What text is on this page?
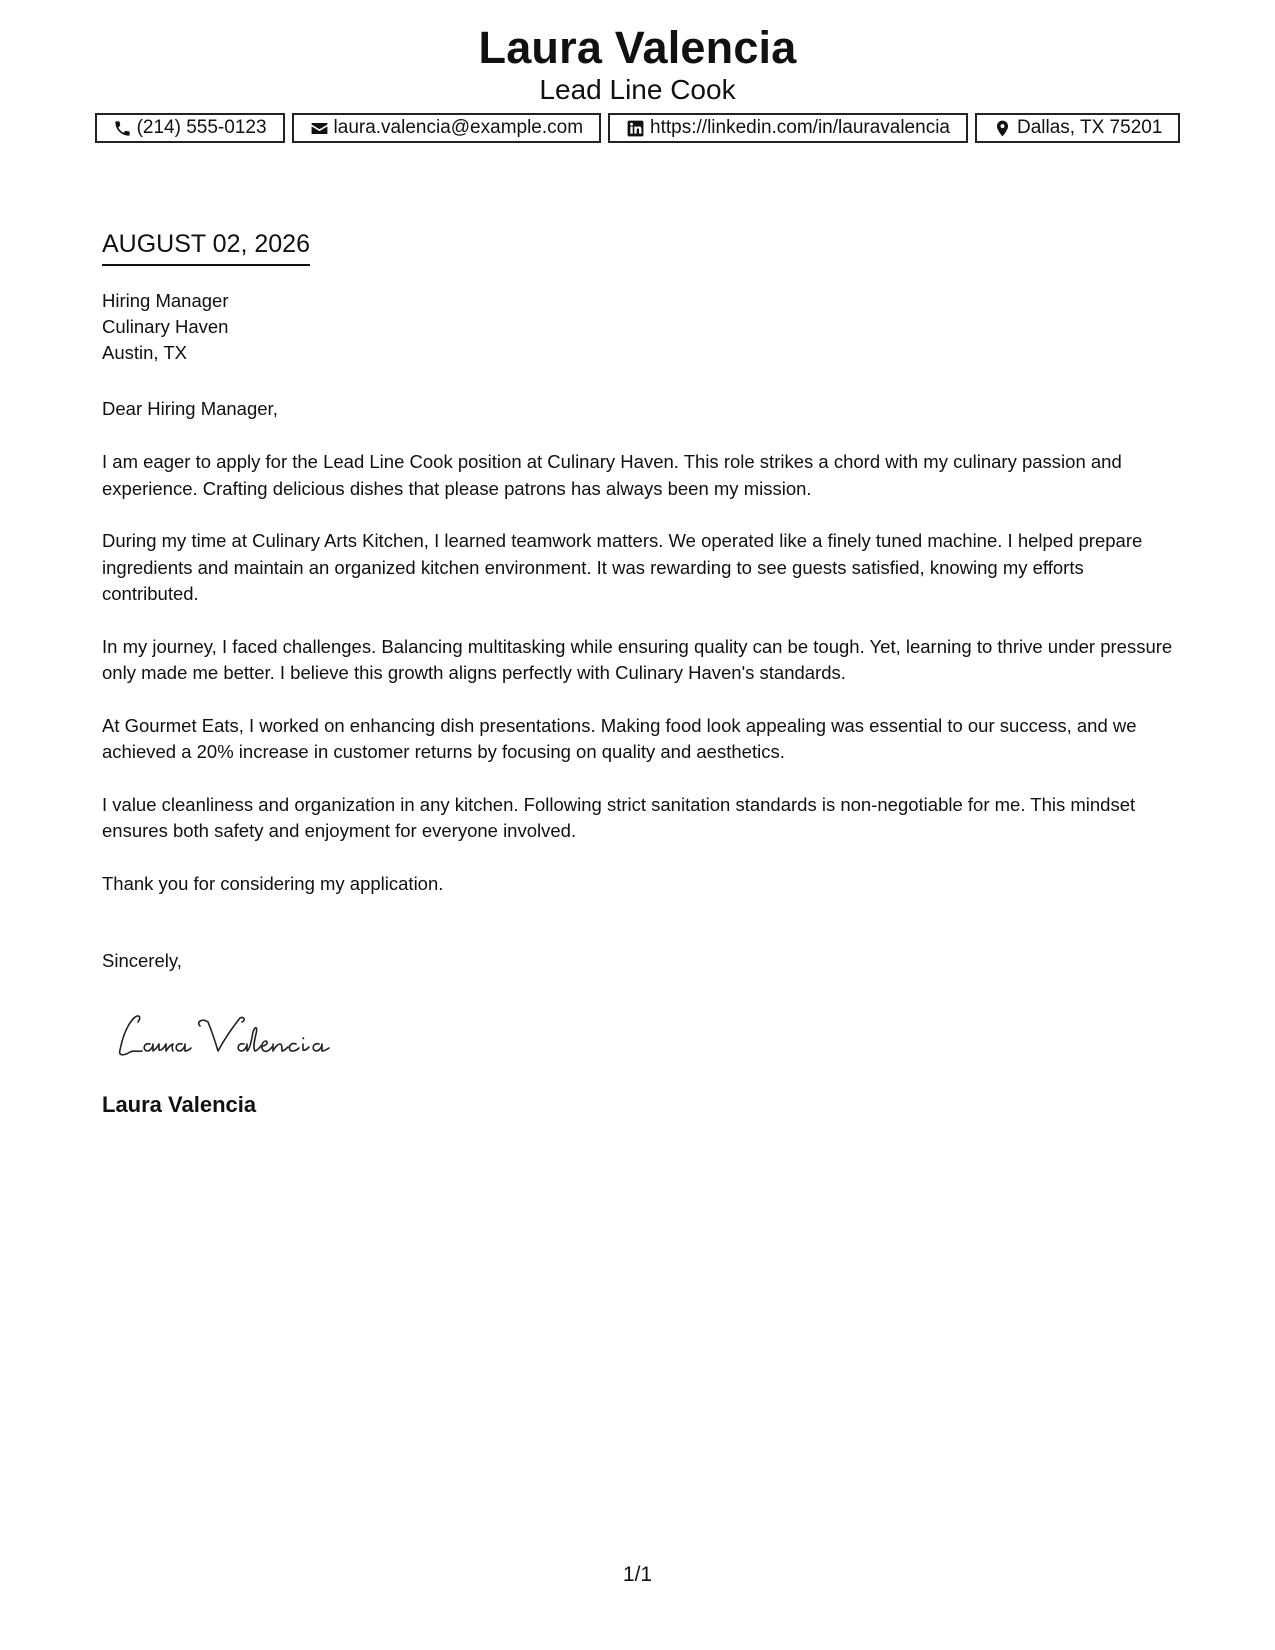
Laura Valencia
Lead Line Cook
(214) 555-0123	laura.valencia@example.com	https://linkedin.com/in/lauravalencia	Dallas, TX 75201
AUGUST 02, 2026
Hiring Manager
Culinary Haven
Austin, TX
Dear Hiring Manager,

I am eager to apply for the Lead Line Cook position at Culinary Haven. This role strikes a chord with my culinary passion and experience. Crafting delicious dishes that please patrons has always been my mission.

During my time at Culinary Arts Kitchen, I learned teamwork matters. We operated like a finely tuned machine. I helped prepare ingredients and maintain an organized kitchen environment. It was rewarding to see guests satisfied, knowing my efforts contributed.

In my journey, I faced challenges. Balancing multitasking while ensuring quality can be tough. Yet, learning to thrive under pressure only made me better. I believe this growth aligns perfectly with Culinary Haven's standards.

At Gourmet Eats, I worked on enhancing dish presentations. Making food look appealing was essential to our success, and we achieved a 20% increase in customer returns by focusing on quality and aesthetics.

I value cleanliness and organization in any kitchen. Following strict sanitation standards is non-negotiable for me. This mindset ensures both safety and enjoyment for everyone involved.

Thank you for considering my application.

Sincerely,
Laura Valencia
1/1
